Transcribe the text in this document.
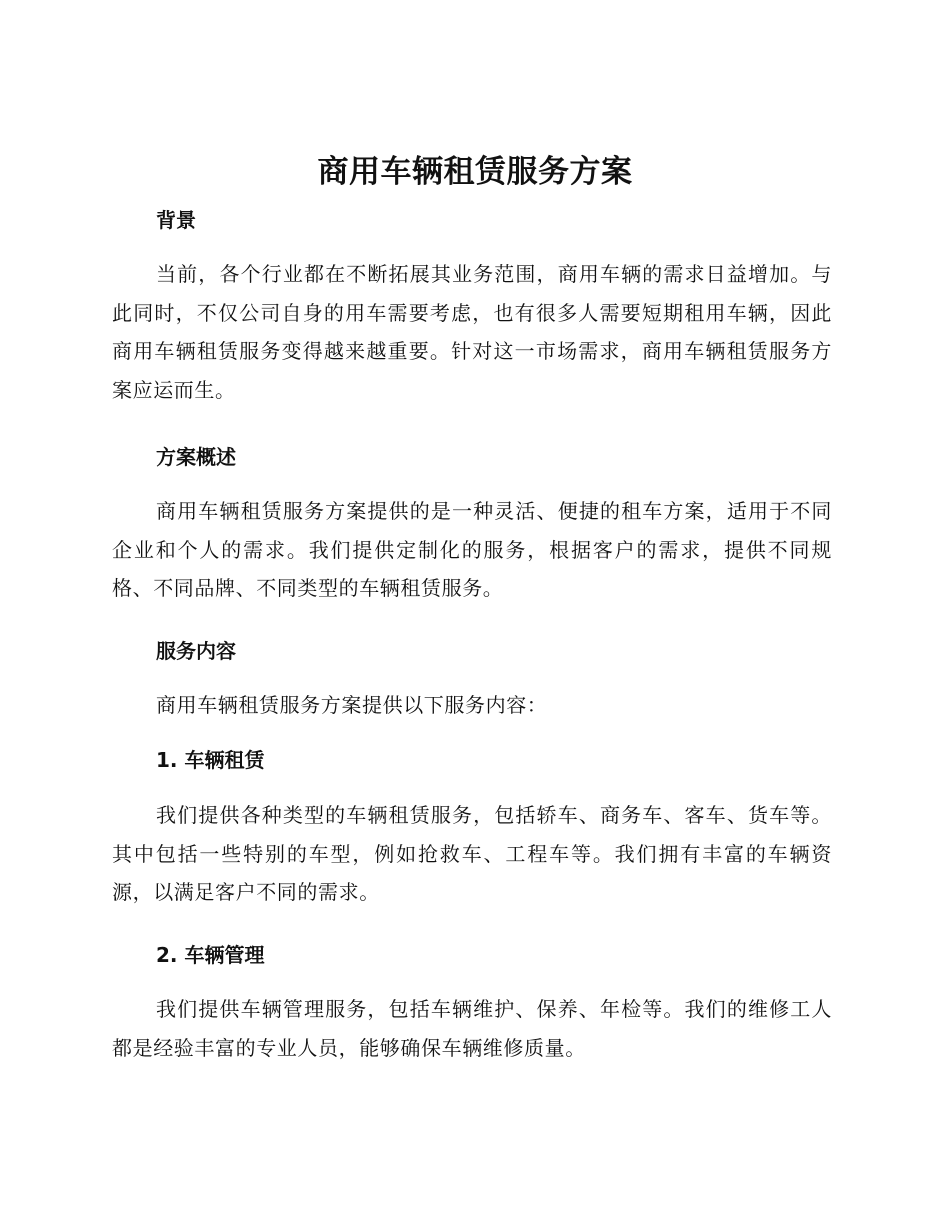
商用车辆租赁服务方案
背景

当前，各个行业都在不断拓展其业务范围，商用车辆的需求日益增加。与此同时，不仅公司自身的用车需要考虑，也有很多人需要短期租用车辆，因此商用车辆租赁服务变得越来越重要。针对这一市场需求，商用车辆租赁服务方案应运而生。

方案概述

商用车辆租赁服务方案提供的是一种灵活、便捷的租车方案，适用于不同企业和个人的需求。我们提供定制化的服务，根据客户的需求，提供不同规格、不同品牌、不同类型的车辆租赁服务。

服务内容

商用车辆租赁服务方案提供以下服务内容：

1. 车辆租赁

我们提供各种类型的车辆租赁服务，包括轿车、商务车、客车、货车等。其中包括一些特别的车型，例如抢救车、工程车等。我们拥有丰富的车辆资源，以满足客户不同的需求。

2. 车辆管理

我们提供车辆管理服务，包括车辆维护、保养、年检等。我们的维修工人都是经验丰富的专业人员，能够确保车辆维修质量。
